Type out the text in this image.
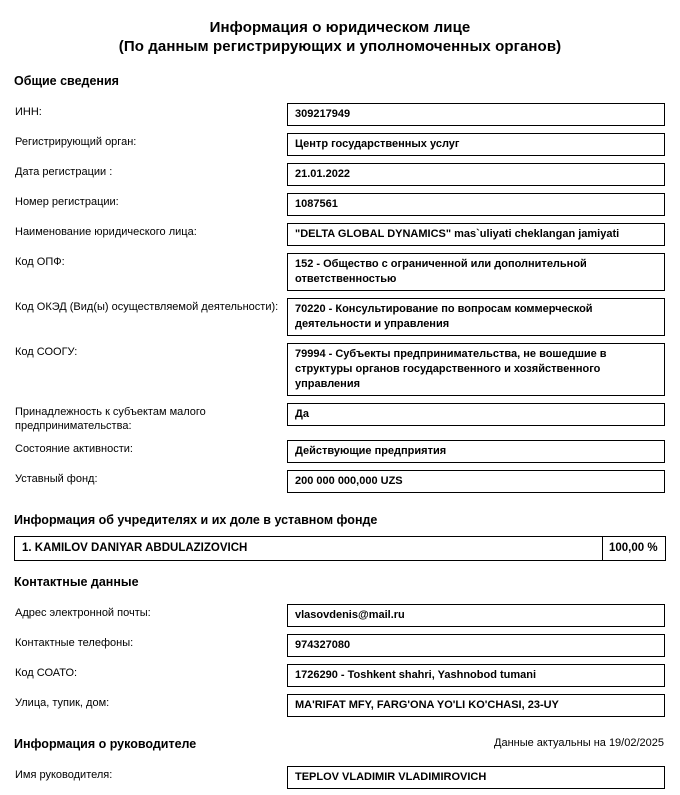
Информация о юридическом лице
(По данным регистрирующих и уполномоченных органов)
Общие сведения
ИНН:	309217949

Регистрирующий орган:	Центр государственных услуг

Дата регистрации :	21.01.2022

Номер регистрации:	1087561

Наименование юридического лица:	"DELTA GLOBAL DYNAMICS" mas`uliyati cheklangan jamiyati

Код ОПФ:	152 - Общество с ограниченной или дополнительной ответственностью

Код ОКЭД (Вид(ы) осуществляемой деятельности):	70220 - Консультирование по вопросам коммерческой деятельности и управления

Код СООГУ:	79994 - Субъекты предпринимательства, не вошедшие в структуры органов государственного и хозяйственного управления

Принадлежность к субъектам малого предпринимательства:	Да

Состояние активности:	Действующие предприятия

Уставный фонд:	200 000 000,000 UZS
Информация об учредителях и их доле в уставном фонде
1. KAMILOV DANIYAR ABDULAZIZOVICH	100,00 %
Контактные данные
Адрес электронной почты:	vlasovdenis@mail.ru

Контактные телефоны:	974327080

Код СОАТО:	1726290 - Toshkent shahri, Yashnobod tumani

Улица, тупик, дом:	MA'RIFAT MFY, FARG'ONA YO'LI KO'CHASI, 23-UY
Информация о руководителе
Имя руководителя:	TEPLOV VLADIMIR VLADIMIROVICH
Данные актуальны на 19/02/2025
